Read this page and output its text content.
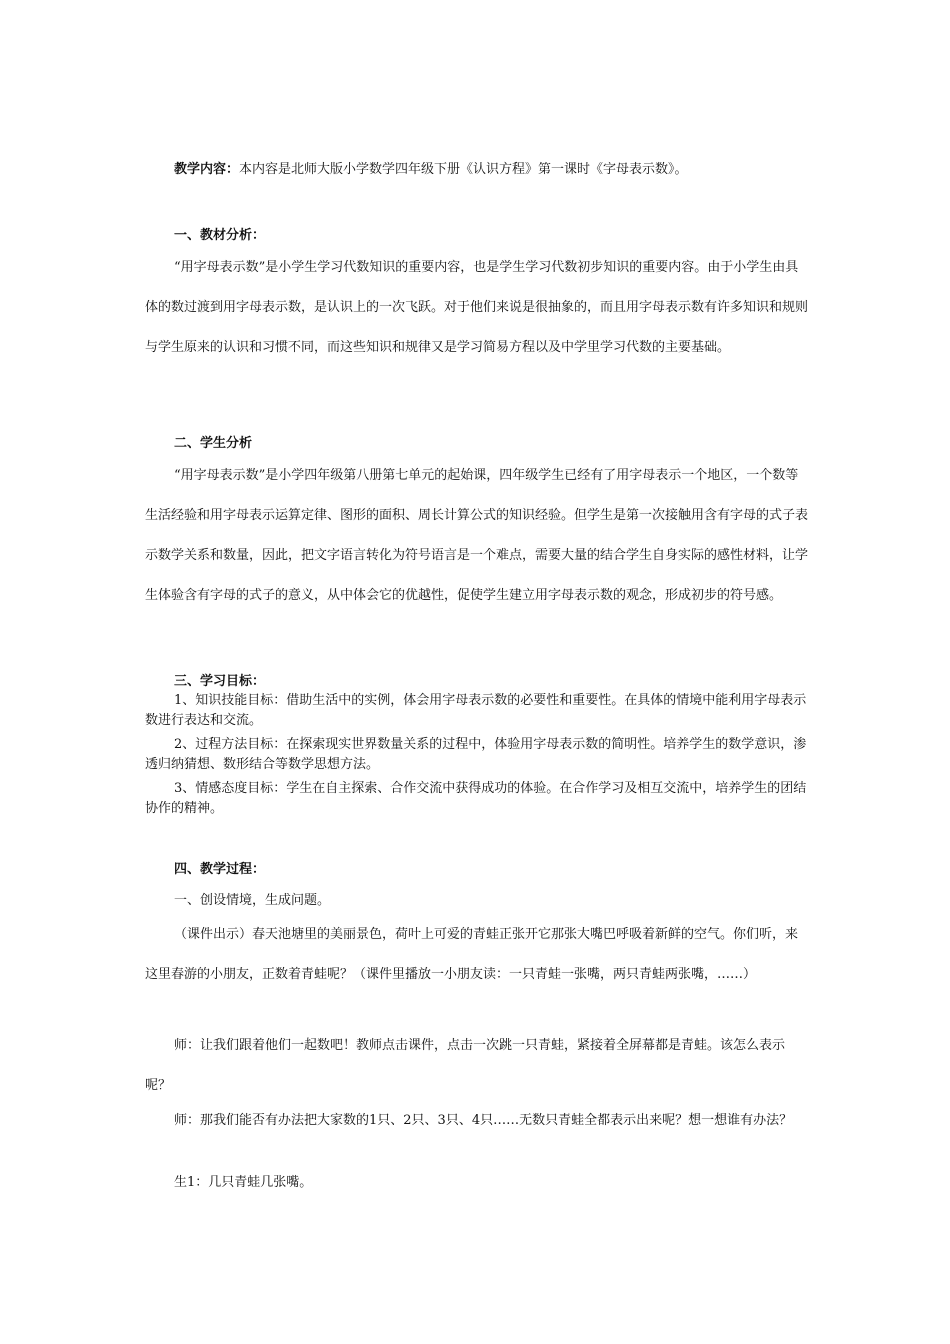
教学内容：本内容是北师大版小学数学四年级下册《认识方程》第一课时《字母表示数》。

一、教材分析：

“用字母表示数”是小学生学习代数知识的重要内容，也是学生学习代数初步知识的重要内容。由于小学生由具体的数过渡到用字母表示数，是认识上的一次飞跃。对于他们来说是很抽象的，而且用字母表示数有许多知识和规则与学生原来的认识和习惯不同，而这些知识和规律又是学习简易方程以及中学里学习代数的主要基础。

二、学生分析

“用字母表示数”是小学四年级第八册第七单元的起始课，四年级学生已经有了用字母表示一个地区，一个数等生活经验和用字母表示运算定律、图形的面积、周长计算公式的知识经验。但学生是第一次接触用含有字母的式子表示数学关系和数量，因此，把文字语言转化为符号语言是一个难点，需要大量的结合学生自身实际的感性材料，让学生体验含有字母的式子的意义，从中体会它的优越性，促使学生建立用字母表示数的观念，形成初步的符号感。

三、学习目标：

1、知识技能目标：借助生活中的实例，体会用字母表示数的必要性和重要性。在具体的情境中能利用字母表示数进行表达和交流。

2、过程方法目标：在探索现实世界数量关系的过程中，体验用字母表示数的简明性。培养学生的数学意识，渗透归纳猜想、数形结合等数学思想方法。

3、情感态度目标：学生在自主探索、合作交流中获得成功的体验。在合作学习及相互交流中，培养学生的团结协作的精神。

四、教学过程：

一、创设情境，生成问题。

（课件出示）春天池塘里的美丽景色，荷叶上可爱的青蛙正张开它那张大嘴巴呼吸着新鲜的空气。你们听，来这里春游的小朋友，正数着青蛙呢？（课件里播放一小朋友读：一只青蛙一张嘴，两只青蛙两张嘴，……）

师：让我们跟着他们一起数吧！教师点击课件，点击一次跳一只青蛙，紧接着全屏幕都是青蛙。该怎么表示呢？

师：那我们能否有办法把大家数的1只、2只、3只、4只……无数只青蛙全都表示出来呢？想一想谁有办法？

生1：几只青蛙几张嘴。
